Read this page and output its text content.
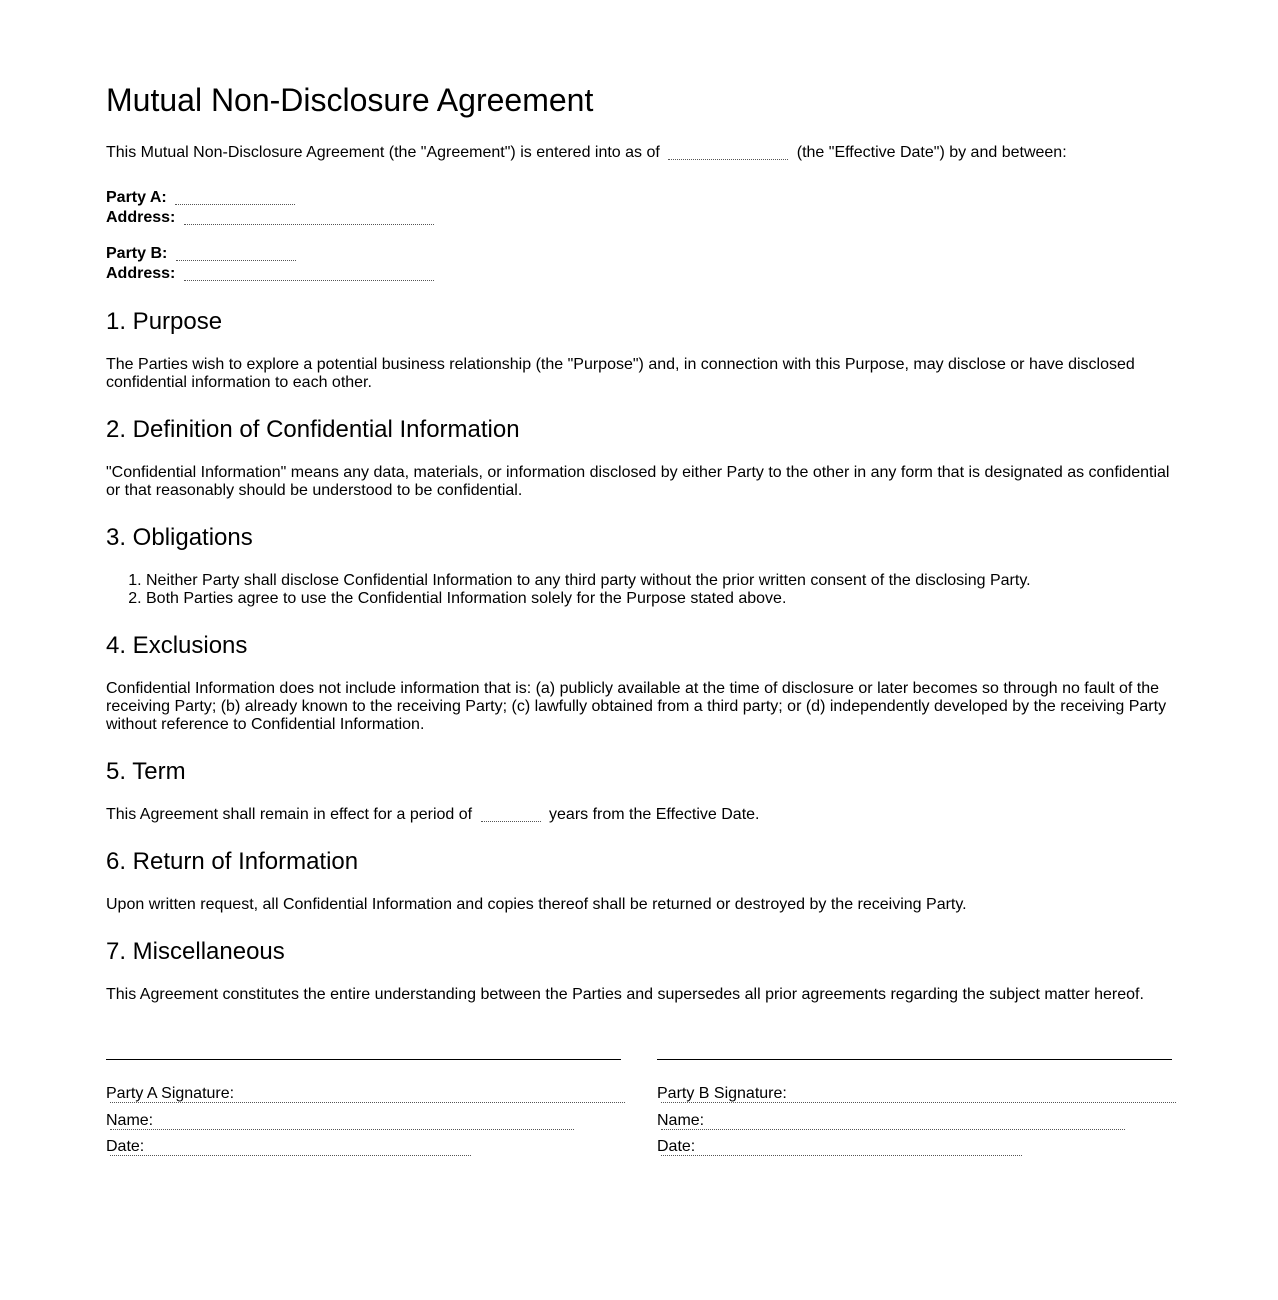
Mutual Non-Disclosure Agreement

This Mutual Non-Disclosure Agreement (the "Agreement") is entered into as of	(the "Effective Date") by and between:

Party A:
Address:
Party B:
Address:
1. Purpose

The Parties wish to explore a potential business relationship (the "Purpose") and, in connection with this Purpose, may disclose or have disclosed confidential information to each other.

2. Definition of Confidential Information

"Confidential Information" means any data, materials, or information disclosed by either Party to the other in any form that is designated as confidential or that reasonably should be understood to be confidential.

3. Obligations
1. Neither Party shall disclose Confidential Information to any third party without the prior written consent of the disclosing Party.
2. Both Parties agree to use the Confidential Information solely for the Purpose stated above.
4. Exclusions

Confidential Information does not include information that is: (a) publicly available at the time of disclosure or later becomes so through no fault of the receiving Party; (b) already known to the receiving Party; (c) lawfully obtained from a third party; or (d) independently developed by the receiving Party without reference to Confidential Information.

5. Term

This Agreement shall remain in effect for a period of	years from the Effective Date.

6. Return of Information

Upon written request, all Confidential Information and copies thereof shall be returned or destroyed by the receiving Party.

7. Miscellaneous

This Agreement constitutes the entire understanding between the Parties and supersedes all prior agreements regarding the subject matter hereof.

Party A Signature:
Name:
Date:
Party B Signature:
Name:
Date:
